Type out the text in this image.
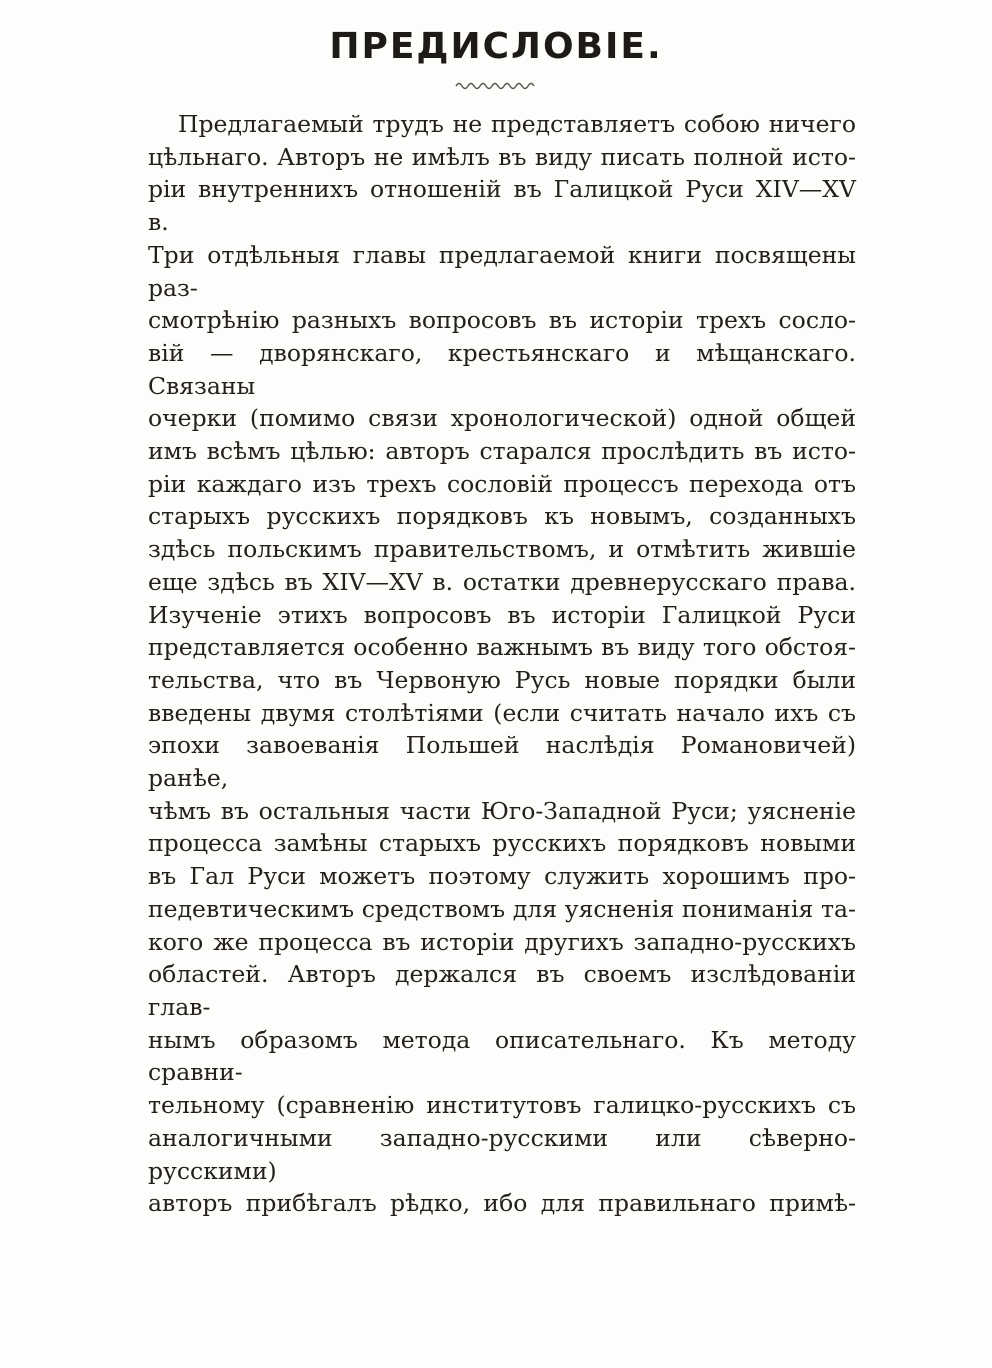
ПРЕДИСЛОВІЕ.
Предлагаемый трудъ не представляетъ собою ничего
цѣльнаго. Авторъ не имѣлъ въ виду писать полной исто-
ріи внутреннихъ отношеній въ Галицкой Руси XIV—XV в.
Три отдѣльныя главы предлагаемой книги посвящены раз-
смотрѣнію разныхъ вопросовъ въ исторіи трехъ сосло-
вій — дворянскаго, крестьянскаго и мѣщанскаго. Связаны
очерки (помимо связи хронологической) одной общей
имъ всѣмъ цѣлью: авторъ старался прослѣдить въ исто-
ріи каждаго изъ трехъ сословій процессъ перехода отъ
старыхъ русскихъ порядковъ къ новымъ, созданныхъ
здѣсь польскимъ правительствомъ, и отмѣтить жившіе
еще здѣсь въ XIV—XV в. остатки древнерусскаго права.
Изученіе этихъ вопросовъ въ исторіи Галицкой Руси
представляется особенно важнымъ въ виду того обстоя-
тельства, что въ Червоную Русь новые порядки были
введены двумя столѣтіями (если считать начало ихъ съ
эпохи завоеванія Польшей наслѣдія Романовичей) ранѣе,
чѣмъ въ остальныя части Юго-Западной Руси; уясненіе
процесса замѣны старыхъ русскихъ порядковъ новыми
въ Гал Руси можетъ поэтому служить хорошимъ про-
педевтическимъ средствомъ для уясненія пониманія та-
кого же процесса въ исторіи другихъ западно-русскихъ
областей. Авторъ держался въ своемъ изслѣдованіи глав-
нымъ образомъ метода описательнаго. Къ методу сравни-
тельному (сравненію институтовъ галицко-русскихъ съ
аналогичными западно-русскими или сѣверно-русскими)
авторъ прибѣгалъ рѣдко, ибо для правильнаго примѣ-
